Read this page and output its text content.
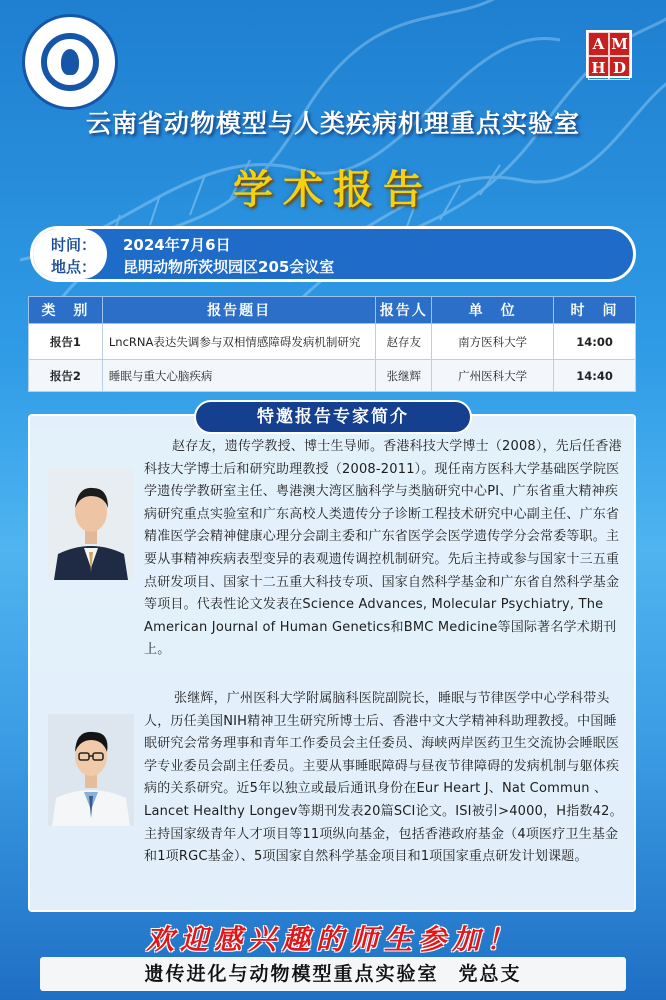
A M
H D
云南省动物模型与人类疾病机理重点实验室
学术报告
时间：
地点：
2024年7月6日
昆明动物所茨坝园区205会议室
类　别	报告题目	报告人	单　位	时　间
报告1	LncRNA表达失调参与双相情感障碍发病机制研究	赵存友	南方医科大学	14:00
报告2	睡眠与重大心脑疾病	张继辉	广州医科大学	14:40
特邀报告专家简介
赵存友，遗传学教授、博士生导师。香港科技大学博士（2008），先后任香港科技大学博士后和研究助理教授（2008-2011）。现任南方医科大学基础医学院医学遗传学教研室主任、粤港澳大湾区脑科学与类脑研究中心PI、广东省重大精神疾病研究重点实验室和广东高校人类遗传分子诊断工程技术研究中心副主任、广东省精准医学会精神健康心理分会副主委和广东省医学会医学遗传学分会常委等职。主要从事精神疾病表型变异的表观遗传调控机制研究。先后主持或参与国家十三五重点研发项目、国家十二五重大科技专项、国家自然科学基金和广东省自然科学基金等项目。代表性论文发表在Science Advances, Molecular Psychiatry, The American Journal of Human Genetics和BMC Medicine等国际著名学术期刊上。
张继辉，广州医科大学附属脑科医院副院长，睡眠与节律医学中心学科带头人，历任美国NIH精神卫生研究所博士后、香港中文大学精神科助理教授。中国睡眠研究会常务理事和青年工作委员会主任委员、海峡两岸医药卫生交流协会睡眠医学专业委员会副主任委员。主要从事睡眠障碍与昼夜节律障碍的发病机制与躯体疾病的关系研究。近5年以独立或最后通讯身份在Eur Heart J、Nat Commun 、Lancet Healthy Longev等期刊发表20篇SCI论文。ISI被引>4000，H指数42。主持国家级青年人才项目等11项纵向基金，包括香港政府基金（4项医疗卫生基金和1项RGC基金）、5项国家自然科学基金项目和1项国家重点研发计划课题。
欢迎感兴趣的师生参加！
遗传进化与动物模型重点实验室 党总支
